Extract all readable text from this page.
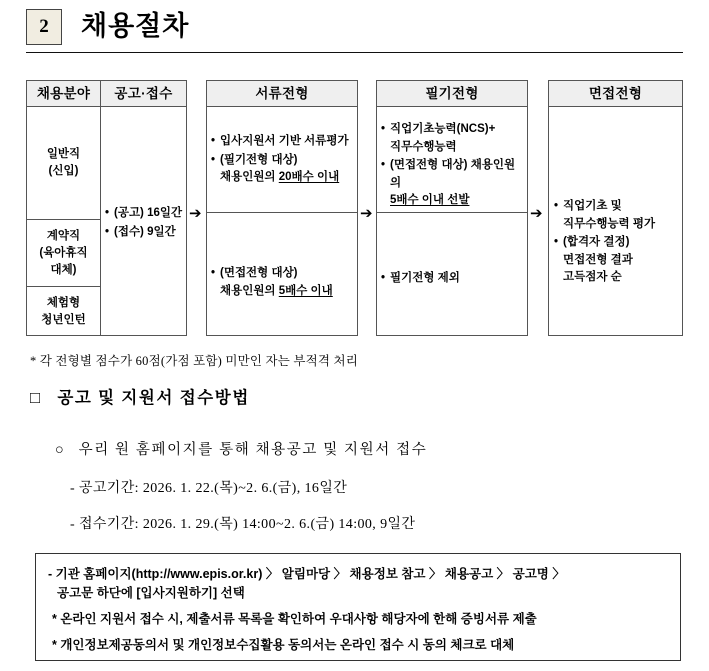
2	채용절차
채용분야	공고·접수
일반직
(신입)
계약직
(육아휴직
대체)
체험형
청년인턴
• (공고) 16일간
• (접수) 9일간
➔
서류전형
• 입사지원서 기반 서류평가
• (필기전형 대상)
채용인원의 20배수 이내
• (면접전형 대상)
채용인원의 5배수 이내
➔
필기전형
• 직업기초능력(NCS)+
직무수행능력
• (면접전형 대상) 채용인원의
5배수 이내 선발
• 필기전형 제외
➔
면접전형
• 직업기초 및
직무수행능력 평가
• (합격자 결정)
면접전형 결과
고득점자 순
* 각 전형별 점수가 60점(가점 포함) 미만인 자는 부적격 처리
□ 공고 및 지원서 접수방법
○ 우리 원 홈페이지를 통해 채용공고 및 지원서 접수
- 공고기간: 2026. 1. 22.(목)~2. 6.(금), 16일간
- 접수기간: 2026. 1. 29.(목) 14:00~2. 6.(금) 14:00, 9일간
- 기관 홈페이지(http://www.epis.or.kr) 〉 알림마당 〉 채용정보 참고 〉 채용공고 〉 공고명 〉
공고문 하단에 [입사지원하기] 선택
* 온라인 지원서 접수 시, 제출서류 목록을 확인하여 우대사항 해당자에 한해 증빙서류 제출
* 개인정보제공동의서 및 개인정보수집활용 동의서는 온라인 접수 시 동의 체크로 대체
